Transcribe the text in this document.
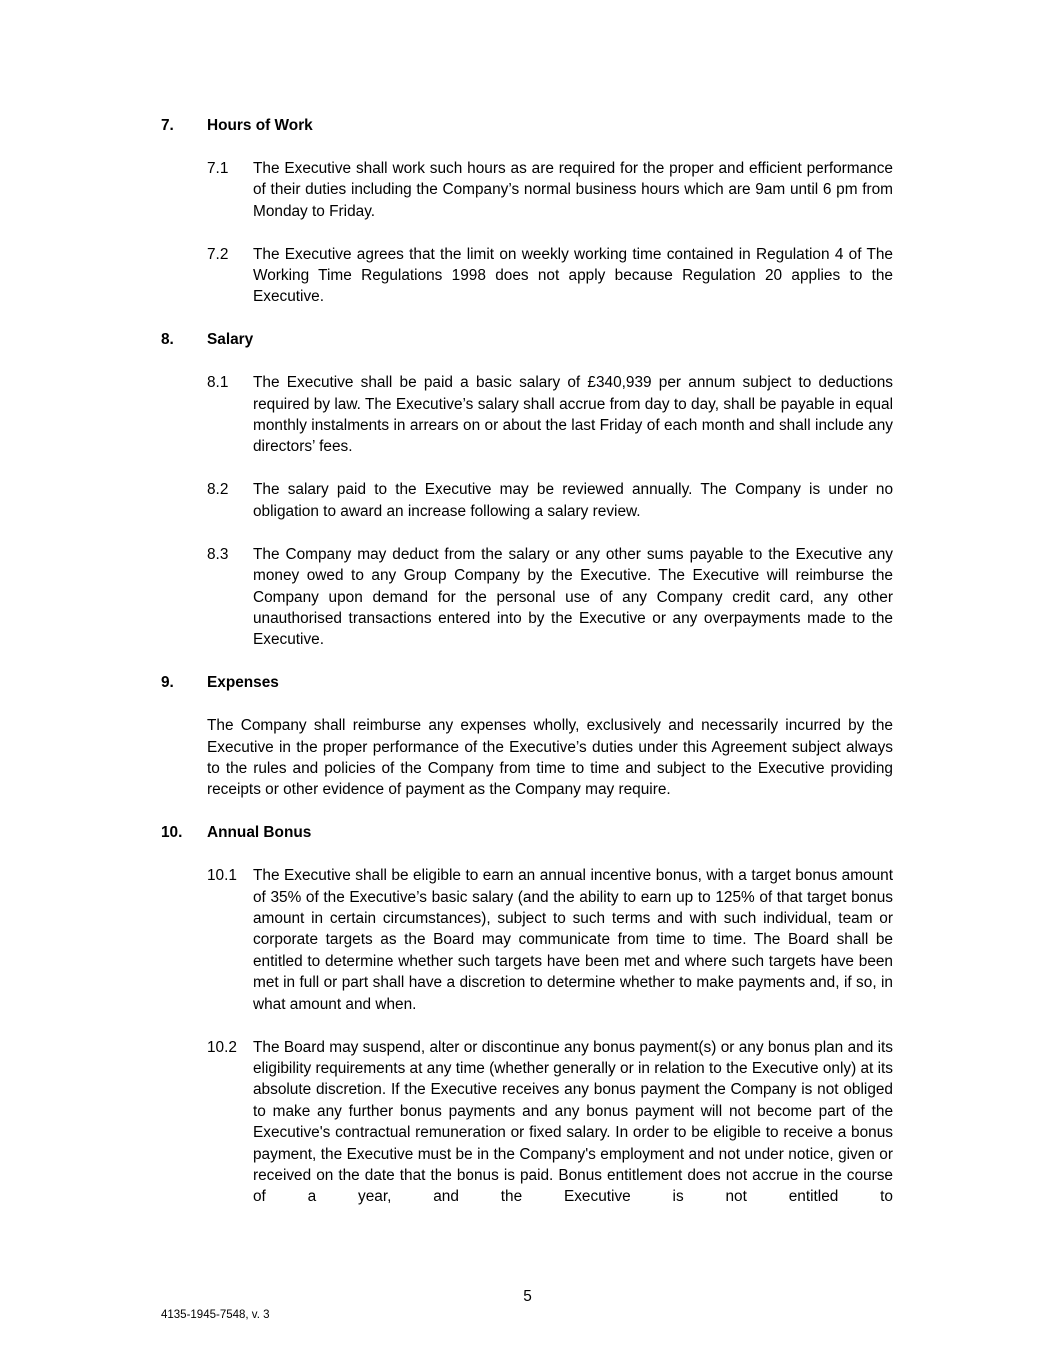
7.	Hours of Work
7.1	The Executive shall work such hours as are required for the proper and efficient performance of their duties including the Company’s normal business hours which are 9am until 6 pm from Monday to Friday.
7.2	The Executive agrees that the limit on weekly working time contained in Regulation 4 of The Working Time Regulations 1998 does not apply because Regulation 20 applies to the Executive.
8.	Salary
8.1	The Executive shall be paid a basic salary of £340,939 per annum subject to deductions required by law. The Executive’s salary shall accrue from day to day, shall be payable in equal monthly instalments in arrears on or about the last Friday of each month and shall include any directors’ fees.
8.2	The salary paid to the Executive may be reviewed annually. The Company is under no obligation to award an increase following a salary review.
8.3	The Company may deduct from the salary or any other sums payable to the Executive any money owed to any Group Company by the Executive. The Executive will reimburse the Company upon demand for the personal use of any Company credit card, any other unauthorised transactions entered into by the Executive or any overpayments made to the Executive.
9.	Expenses
The Company shall reimburse any expenses wholly, exclusively and necessarily incurred by the Executive in the proper performance of the Executive’s duties under this Agreement subject always to the rules and policies of the Company from time to time and subject to the Executive providing receipts or other evidence of payment as the Company may require.
10.	Annual Bonus
10.1	The Executive shall be eligible to earn an annual incentive bonus, with a target bonus amount of 35% of the Executive’s basic salary (and the ability to earn up to 125% of that target bonus amount in certain circumstances), subject to such terms and with such individual, team or corporate targets as the Board may communicate from time to time. The Board shall be entitled to determine whether such targets have been met and where such targets have been met in full or part shall have a discretion to determine whether to make payments and, if so, in what amount and when.
10.2	The Board may suspend, alter or discontinue any bonus payment(s) or any bonus plan and its eligibility requirements at any time (whether generally or in relation to the Executive only) at its absolute discretion. If the Executive receives any bonus payment the Company is not obliged to make any further bonus payments and any bonus payment will not become part of the Executive's contractual remuneration or fixed salary. In order to be eligible to receive a bonus payment, the Executive must be in the Company's employment and not under notice, given or received on the date that the bonus is paid. Bonus entitlement does not accrue in the course of a year, and the Executive is not entitled to
5
4135-1945-7548, v. 3
